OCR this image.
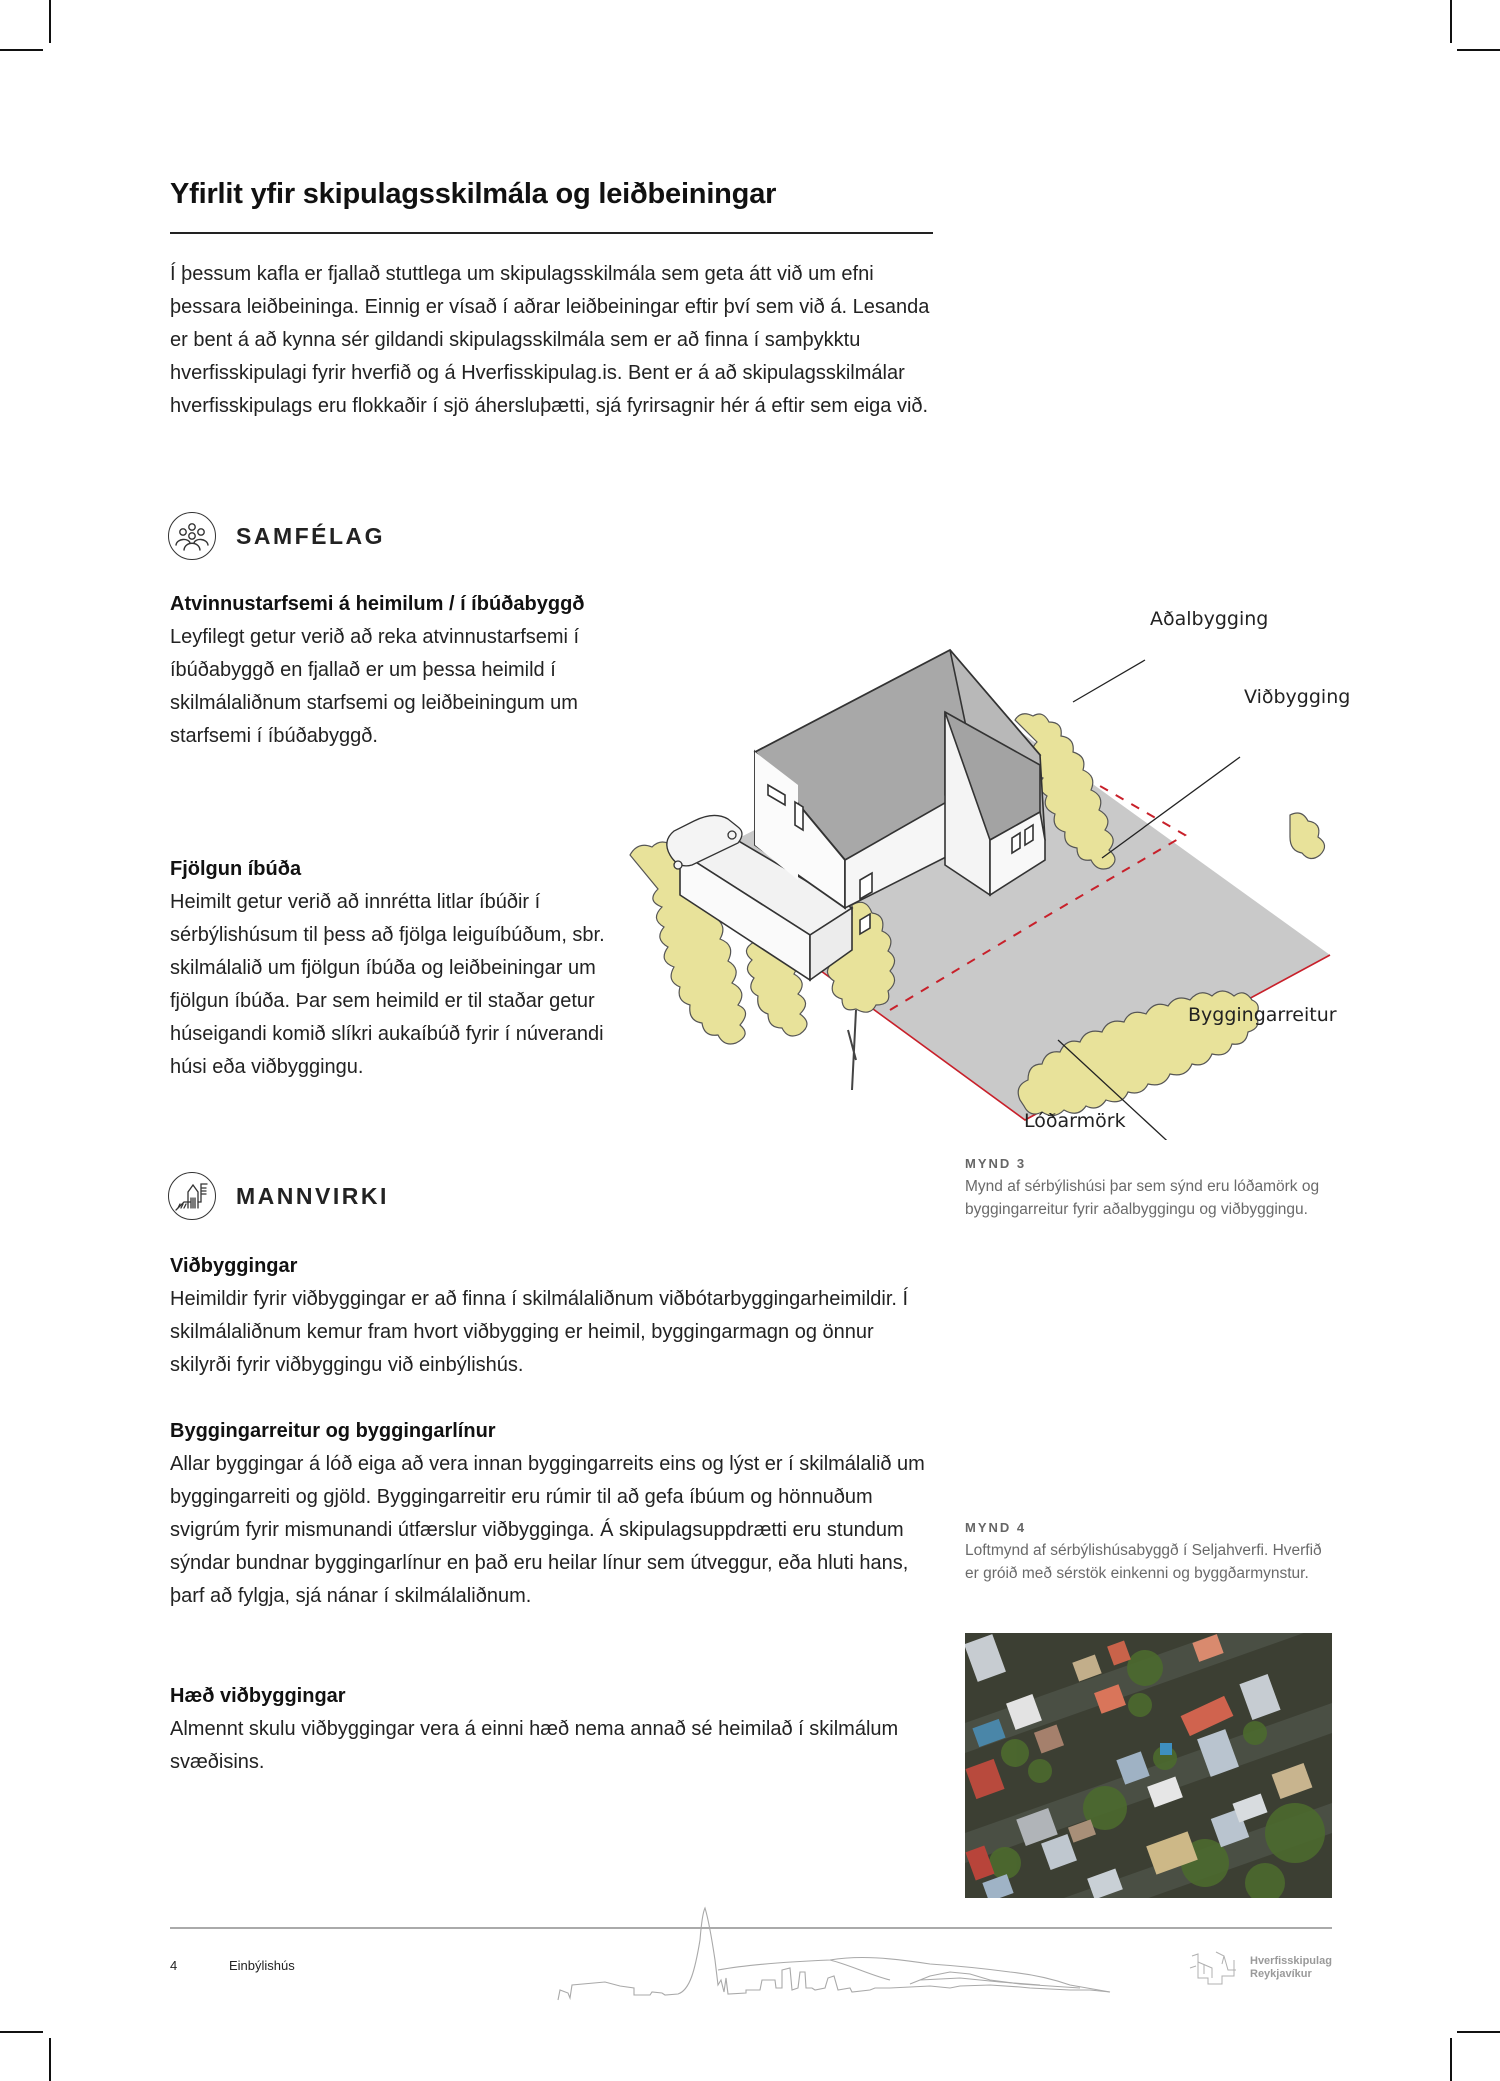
Yfirlit yfir skipulagsskilmála og leiðbeiningar

Í þessum kafla er fjallað stuttlega um skipulagsskilmála sem geta átt við um efni þessara leiðbeininga. Einnig er vísað í aðrar leiðbeiningar eftir því sem við á. Lesanda er bent á að kynna sér gildandi skipulagsskilmála sem er að finna í samþykktu hverfisskipulagi fyrir hverfið og á Hverfisskipulag.is. Bent er á að skipulagsskilmálar hverfisskipulags eru flokkaðir í sjö áhersluþætti, sjá fyrirsagnir hér á eftir sem eiga við.

SAMFÉLAG
Atvinnustarfsemi á heimilum / í íbúðabyggð
Leyfilegt getur verið að reka atvinnustarfsemi í íbúðabyggð en fjallað er um þessa heimild í skilmálaliðnum starfsemi og leiðbeiningum um starfsemi í íbúðabyggð.
Fjölgun íbúða
Heimilt getur verið að innrétta litlar íbúðir í sérbýlishúsum til þess að fjölga leiguíbúðum, sbr. skilmálalið um fjölgun íbúða og leiðbeiningar um fjölgun íbúða. Þar sem heimild er til staðar getur húseigandi komið slíkri aukaíbúð fyrir í núverandi húsi eða viðbyggingu.
MANNVIRKI
Viðbyggingar
Heimildir fyrir viðbyggingar er að finna í skilmálaliðnum viðbótarbyggingarheimildir. Í skilmálaliðnum kemur fram hvort viðbygging er heimil, byggingarmagn og önnur skilyrði fyrir viðbyggingu við einbýlishús.
Byggingarreitur og byggingarlínur
Allar byggingar á lóð eiga að vera innan byggingarreits eins og lýst er í skilmálalið um byggingarreiti og gjöld. Byggingarreitir eru rúmir til að gefa íbúum og hönnuðum svigrúm fyrir mismunandi útfærslur viðbygginga. Á skipulagsuppdrætti eru stundum sýndar bundnar byggingarlínur en það eru heilar línur sem útveggur, eða hluti hans, þarf að fylgja, sjá nánar í skilmálaliðnum.
Hæð viðbyggingar
Almennt skulu viðbyggingar vera á einni hæð nema annað sé heimilað í skilmálum svæðisins.
Aðalbygging
Viðbygging
Byggingarreitur
Lóðarmörk
MYND 3
Mynd af sérbýlishúsi þar sem sýnd eru lóðamörk og byggingarreitur fyrir aðalbyggingu og viðbyggingu.
MYND 4
Loftmynd af sérbýlishúsabyggð í Seljahverfi. Hverfið er gróið með sérstök einkenni og byggðarmynstur.
4	Einbýlishús	Hverfisskipulag
Reykjavíkur
